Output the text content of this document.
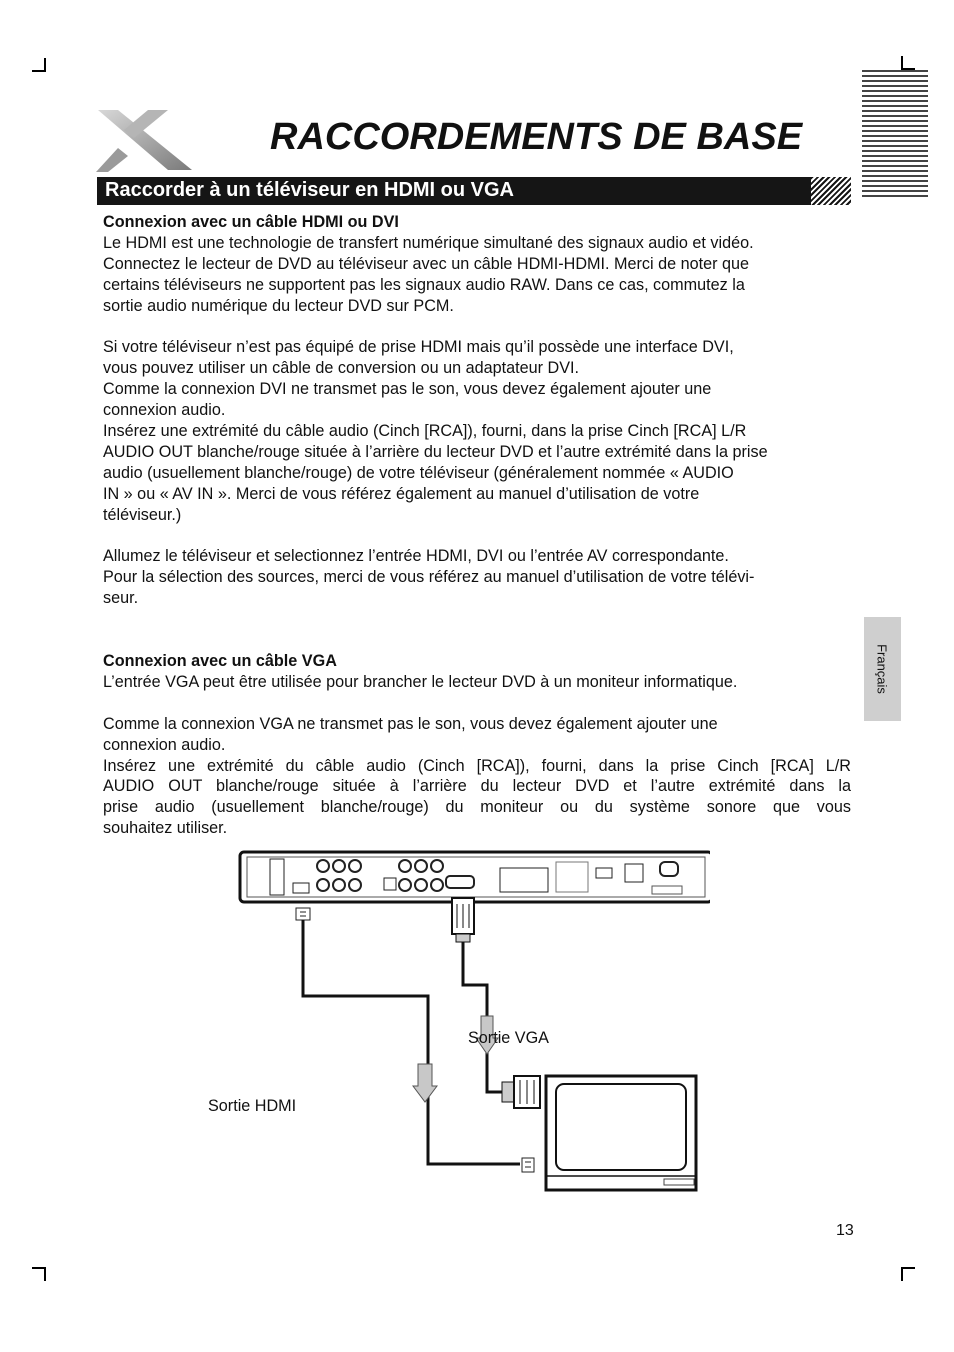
RACCORDEMENTS DE BASE
Raccorder à un téléviseur en HDMI ou VGA

Connexion avec un câble HDMI ou DVI

Le HDMI est une technologie de transfert numérique simultané des signaux audio et vidéo.

Connectez le lecteur de DVD au téléviseur avec un câble HDMI-HDMI. Merci de noter que

certains téléviseurs ne supportent pas les signaux audio RAW. Dans ce cas, commutez la

sortie audio numérique du lecteur DVD sur PCM.

Si votre téléviseur n’est pas équipé de prise HDMI mais qu’il possède une interface DVI,

vous pouvez utiliser un câble de conversion ou un adaptateur DVI.

Comme la connexion DVI ne transmet pas le son, vous devez également ajouter une

connexion audio.

Insérez une extrémité du câble audio (Cinch [RCA]), fourni, dans la prise Cinch [RCA] L/R

AUDIO OUT blanche/rouge située à l’arrière du lecteur DVD et l’autre extrémité dans la prise

audio (usuellement blanche/rouge) de votre téléviseur (généralement nommée « AUDIO

IN » ou « AV IN ». Merci de vous référez également au manuel d’utilisation de votre

téléviseur.)

Allumez le téléviseur et selectionnez l’entrée HDMI, DVI ou l’entrée AV correspondante.

Pour la sélection des sources, merci de vous référez au manuel d’utilisation de votre télévi-

seur.

Connexion avec un câble VGA

L’entrée VGA peut être utilisée pour brancher le lecteur DVD à un moniteur informatique.

Comme la connexion VGA ne transmet pas le son, vous devez également ajouter une

connexion audio.

Insérez une extrémité du câble audio (Cinch [RCA]), fourni, dans la prise Cinch [RCA] L/R

AUDIO OUT blanche/rouge située à l’arrière du lecteur DVD et l’autre extrémité dans la

prise audio (usuellement blanche/rouge) du moniteur ou du système sonore que vous

souhaitez utiliser.

Français
Sortie VGA
Sortie HDMI
13
